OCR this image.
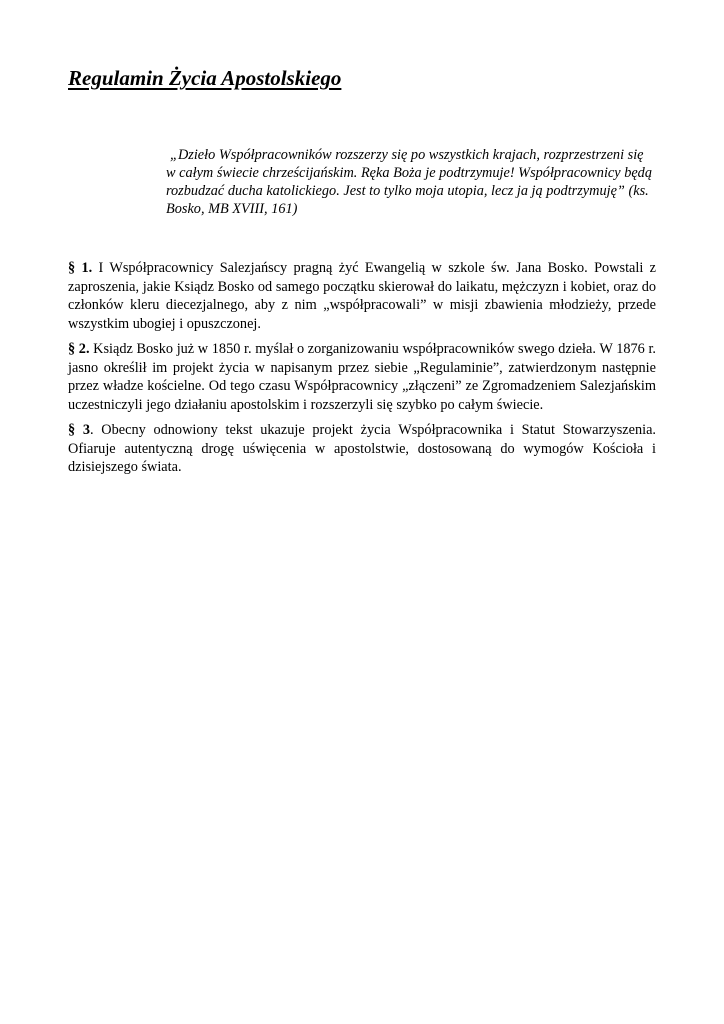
Regulamin Życia Apostolskiego

„Dzieło Współpracowników rozszerzy się po wszystkich krajach, rozprzestrzeni się w całym świecie chrześcijańskim. Ręka Boża je podtrzymuje! Współpracownicy będą rozbudzać ducha katolickiego. Jest to tylko moja utopia, lecz ja ją podtrzymuję” (ks. Bosko, MB XVIII, 161)

§ 1. I Współpracownicy Salezjańscy pragną żyć Ewangelią w szkole św. Jana Bosko. Powstali z zaproszenia, jakie Ksiądz Bosko od samego początku skierował do laikatu, mężczyzn i kobiet, oraz do członków kleru diecezjalnego, aby z nim „współpracowali” w misji zbawienia młodzieży, przede wszystkim ubogiej i opuszczonej.

§ 2. Ksiądz Bosko już w 1850 r. myślał o zorganizowaniu współpracowników swego dzieła. W 1876 r. jasno określił im projekt życia w napisanym przez siebie „Regulaminie”, zatwierdzonym następnie przez władze kościelne. Od tego czasu Współpracownicy „złączeni” ze Zgromadzeniem Salezjańskim uczestniczyli jego działaniu apostolskim i rozszerzyli się szybko po całym świecie.

§ 3. Obecny odnowiony tekst ukazuje projekt życia Współpracownika i Statut Stowarzyszenia. Ofiaruje autentyczną drogę uświęcenia w apostolstwie, dostosowaną do wymogów Kościoła i dzisiejszego świata.
